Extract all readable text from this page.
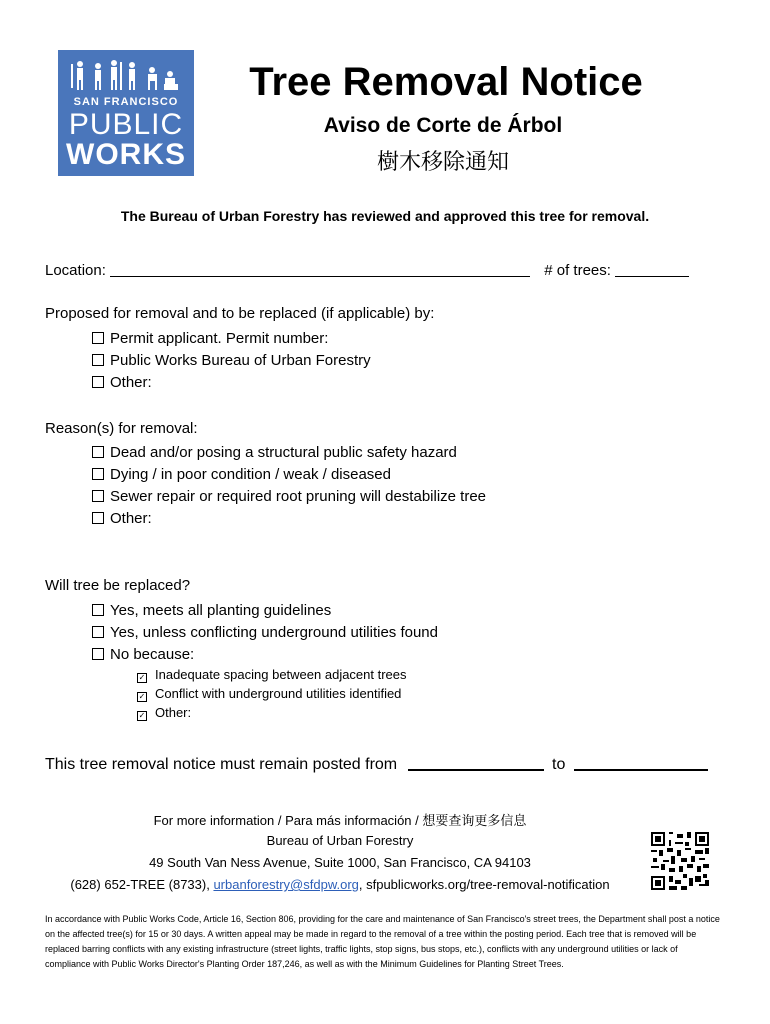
SAN FRANCISCO
PUBLIC
WORKS
Tree Removal Notice
Aviso de Corte de Árbol
樹木移除通知
The Bureau of Urban Forestry has reviewed and approved this tree for removal.
Location:	# of trees:
Proposed for removal and to be replaced (if applicable) by:
Permit applicant. Permit number:
Public Works Bureau of Urban Forestry
Other:
Reason(s) for removal:
Dead and/or posing a structural public safety hazard
Dying / in poor condition / weak / diseased
Sewer repair or required root pruning will destabilize tree
Other:
Will tree be replaced?
Yes, meets all planting guidelines
Yes, unless conflicting underground utilities found
No because:
✓ Inadequate spacing between adjacent trees
✓ Conflict with underground utilities identified
✓ Other:
This tree removal notice must remain posted from	to
For more information / Para más información / 想要查询更多信息
Bureau of Urban Forestry
49 South Van Ness Avenue, Suite 1000, San Francisco, CA 94103
(628) 652-TREE (8733), urbanforestry@sfdpw.org, sfpublicworks.org/tree-removal-notification
In accordance with Public Works Code, Article 16, Section 806, providing for the care and maintenance of San Francisco's street trees, the Department shall post a notice on the affected tree(s) for 15 or 30 days. A written appeal may be made in regard to the removal of a tree within the posting period. Each tree that is removed will be replaced barring conflicts with any existing infrastructure (street lights, traffic lights, stop signs, bus stops, etc.), conflicts with any underground utilities or lack of compliance with Public Works Director's Planting Order 187,246, as well as with the Minimum Guidelines for Planting Street Trees.
